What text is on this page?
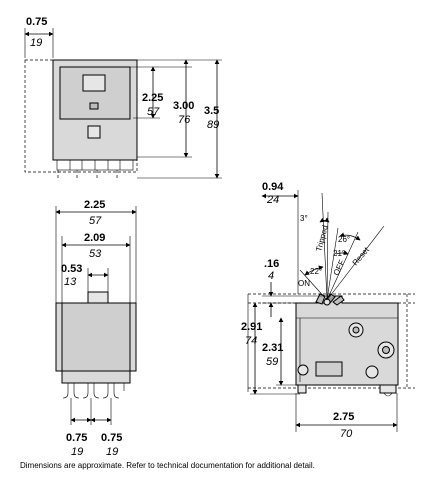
0.75
19
2.25
57 3.00
76
3.5
89
2.25
57
2.09
53
0.53
13
0.75
19
0.75
19
3°
26°
21°
22°
ON
Tripped
OFF
Reset
0.94
24
.16
4
2.91
74
2.31
59
2.75
70
Dimensions are approximate. Refer to technical documentation for additional detail.
